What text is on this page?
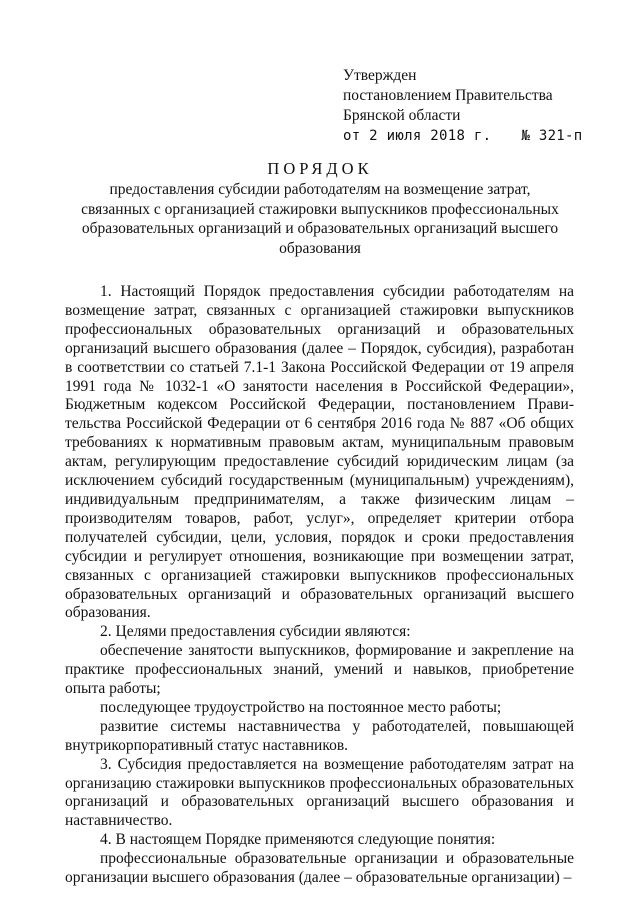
Утвержден
постановлением Правительства
Брянской области
от 2 июля 2018 г. № 321-п
ПОРЯДОК
предоставления субсидии работодателям на возмещение затрат, связанных с организацией стажировки выпускников профессиональных образовательных организаций и образовательных организаций высшего образования

1. Настоящий Порядок предоставления субсидии работодателям на возмещение затрат, связанных с организацией стажировки выпускников профессиональных образовательных организаций и образовательных организаций высшего образования (далее – Порядок, субсидия), разработан в соответствии со статьей 7.1-1 Закона Российской Федерации от 19 апреля 1991 года № 1032-1 «О занятости населения в Российской Федерации», Бюджетным кодексом Российской Федерации, постановлением Правительства Российской Федерации от 6 сентября 2016 года № 887 «Об общих требованиях к нормативным правовым актам, муниципальным правовым актам, регулирующим предоставление субсидий юридическим лицам (за исключением субсидий государственным (муниципальным) учреждениям), индивидуальным предпринимателям, а также физическим лицам – производителям товаров, работ, услуг», определяет критерии отбора получателей субсидии, цели, условия, порядок и сроки предоставления субсидии и регулирует отношения, возникающие при возмещении затрат, связанных с организацией стажировки выпускников профессиональных образовательных организаций и образовательных организаций высшего образования.

2. Целями предоставления субсидии являются:

обеспечение занятости выпускников, формирование и закрепление на практике профессиональных знаний, умений и навыков, приобретение опыта работы;

последующее трудоустройство на постоянное место работы;

развитие системы наставничества у работодателей, повышающей внутрикорпоративный статус наставников.

3. Субсидия предоставляется на возмещение работодателям затрат на организацию стажировки выпускников профессиональных образовательных организаций и образовательных организаций высшего образования и наставничество.

4. В настоящем Порядке применяются следующие понятия:

профессиональные образовательные организации и образовательные организации высшего образования (далее – образовательные организации) –
